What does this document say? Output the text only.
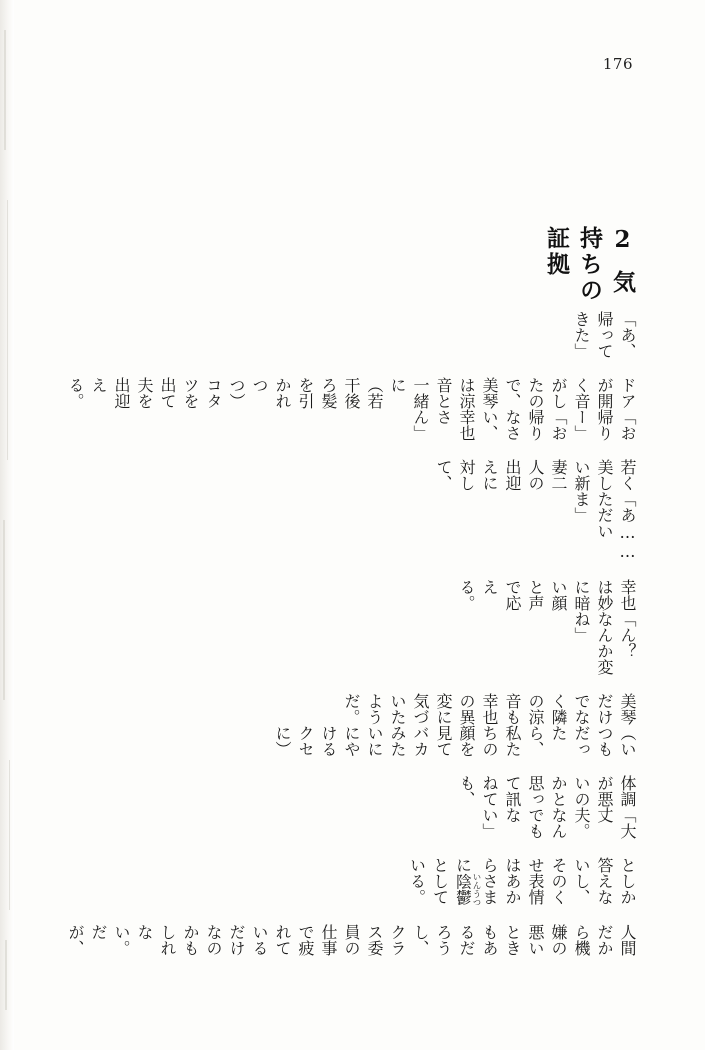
176
2気持ちの証拠
「あ、帰ってきた」
ドアが開く音がしたので、美琴は涼音と一緒に（若干後ろ髪を引かれつつ）コタツを出て夫を出迎える。
「お帰りー」「お帰りなさい、幸也さん」
若く美しい新妻二人の出迎えに対して、
「あ……ただいま」
幸也は妙に暗い顔と声で応える。
「ん？　なんか変ね」
美琴だけでなく隣の涼音も幸也の異変に気づいたようだ。
（いつもだったら、私たちの顔を見てバカみたいににやけるクセに）
体調が悪いのかと思って訊ねても、
「大丈夫。なんでもない」
としか答えないし、そのくせ表情はあからさまに陰鬱いんうつとしている。
人間だから機嫌の悪いときもあるだろうし、クラス委員の仕事で疲れているだけなのかもしれない。だが、
